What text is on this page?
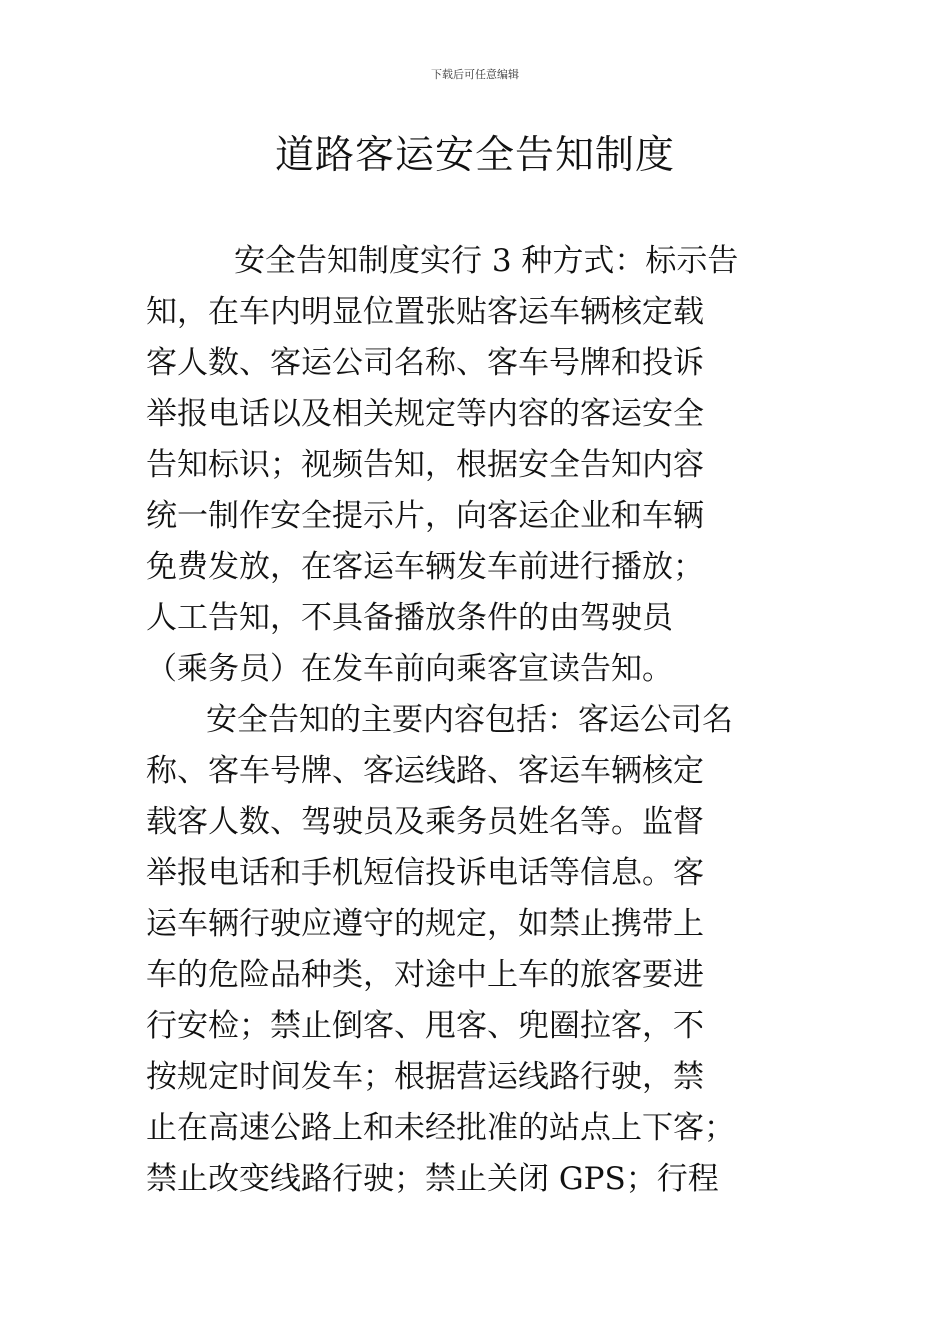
下载后可任意编辑
道路客运安全告知制度
安全告知制度实行 3 种方式：标示告
知，在车内明显位置张贴客运车辆核定载
客人数、客运公司名称、客车号牌和投诉
举报电话以及相关规定等内容的客运安全
告知标识；视频告知，根据安全告知内容
统一制作安全提示片，向客运企业和车辆
免费发放，在客运车辆发车前进行播放；
人工告知，不具备播放条件的由驾驶员
（乘务员）在发车前向乘客宣读告知。
安全告知的主要内容包括：客运公司名
称、客车号牌、客运线路、客运车辆核定
载客人数、驾驶员及乘务员姓名等。监督
举报电话和手机短信投诉电话等信息。客
运车辆行驶应遵守的规定，如禁止携带上
车的危险品种类，对途中上车的旅客要进
行安检；禁止倒客、甩客、兜圈拉客，不
按规定时间发车；根据营运线路行驶，禁
止在高速公路上和未经批准的站点上下客；
禁止改变线路行驶；禁止关闭 GPS；行程
